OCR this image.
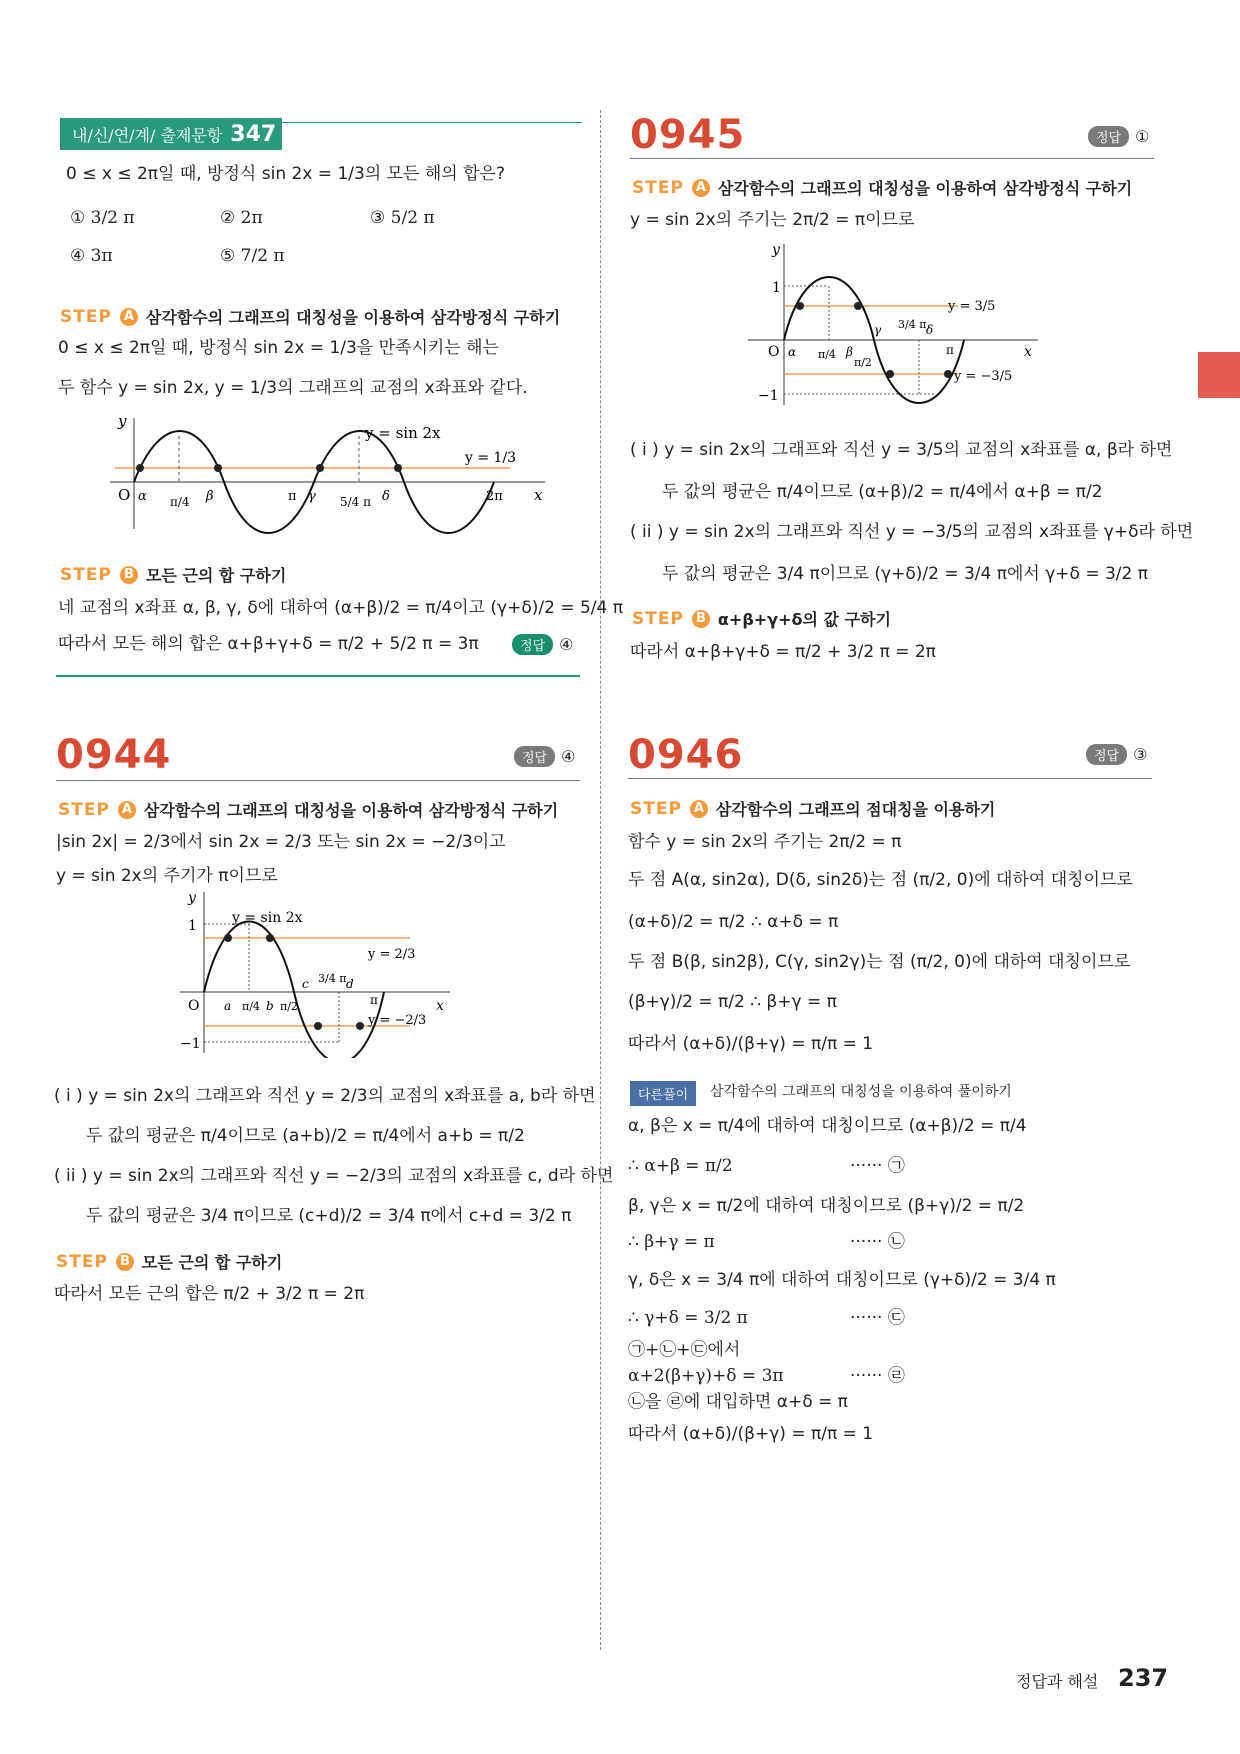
내/신/연/계/ 출제문항 347
0 ≤ x ≤ 2π일 때, 방정식 sin 2x = 1/3의 모든 해의 합은?
① 3/2 π	② 2π	③ 5/2 π
④ 3π	⑤ 7/2 π
STEP A 삼각함수의 그래프의 대칭성을 이용하여 삼각방정식 구하기
0 ≤ x ≤ 2π일 때, 방정식 sin 2x = 1/3을 만족시키는 해는
두 함수 y = sin 2x, y = 1/3의 그래프의 교점의 x좌표와 같다.
y
x
O
y = sin 2x
y = 1/3
α π/4 β	π γ 5/4 π δ	2π
STEP B 모든 근의 합 구하기
네 교점의 x좌표 α, β, γ, δ에 대하여 (α+β)/2 = π/4이고 (γ+δ)/2 = 5/4 π
따라서 모든 해의 합은 α+β+γ+δ = π/2 + 5/2 π = 3π	정답 ④
0944	정답 ④
STEP A 삼각함수의 그래프의 대칭성을 이용하여 삼각방정식 구하기
|sin 2x| = 2/3에서 sin 2x = 2/3 또는 sin 2x = −2/3이고
y = sin 2x의 주기가 π이므로
y
x
O
1
−1
y = sin 2x
y = 2/3
y = −2/3
a π/4 b π/2
c 3/4 π d
π
( i ) y = sin 2x의 그래프와 직선 y = 2/3의 교점의 x좌표를 a, b라 하면
두 값의 평균은 π/4이므로 (a+b)/2 = π/4에서 a+b = π/2
( ii ) y = sin 2x의 그래프와 직선 y = −2/3의 교점의 x좌표를 c, d라 하면
두 값의 평균은 3/4 π이므로 (c+d)/2 = 3/4 π에서 c+d = 3/2 π
STEP B 모든 근의 합 구하기
따라서 모든 근의 합은 π/2 + 3/2 π = 2π
0945	정답 ①
STEP A 삼각함수의 그래프의 대칭성을 이용하여 삼각방정식 구하기
y = sin 2x의 주기는 2π/2 = π이므로
y
x
O
1
−1
y = 3/5
y = −3/5
α π/4 β
π/2
γ 3/4 π δ
π
( i ) y = sin 2x의 그래프와 직선 y = 3/5의 교점의 x좌표를 α, β라 하면
두 값의 평균은 π/4이므로 (α+β)/2 = π/4에서 α+β = π/2
( ii ) y = sin 2x의 그래프와 직선 y = −3/5의 교점의 x좌표를 γ+δ라 하면
두 값의 평균은 3/4 π이므로 (γ+δ)/2 = 3/4 π에서 γ+δ = 3/2 π
STEP B α+β+γ+δ의 값 구하기
따라서 α+β+γ+δ = π/2 + 3/2 π = 2π
0946	정답 ③
STEP A 삼각함수의 그래프의 점대칭을 이용하기
함수 y = sin 2x의 주기는 2π/2 = π
두 점 A(α, sin2α), D(δ, sin2δ)는 점 (π/2, 0)에 대하여 대칭이므로
(α+δ)/2 = π/2 ∴ α+δ = π
두 점 B(β, sin2β), C(γ, sin2γ)는 점 (π/2, 0)에 대하여 대칭이므로
(β+γ)/2 = π/2 ∴ β+γ = π
따라서 (α+δ)/(β+γ) = π/π = 1
다른풀이	삼각함수의 그래프의 대칭성을 이용하여 풀이하기
α, β은 x = π/4에 대하여 대칭이므로 (α+β)/2 = π/4
∴ α+β = π/2	······ ㉠
β, γ은 x = π/2에 대하여 대칭이므로 (β+γ)/2 = π/2
∴ β+γ = π	······ ㉡
γ, δ은 x = 3/4 π에 대하여 대칭이므로 (γ+δ)/2 = 3/4 π
∴ γ+δ = 3/2 π	······ ㉢
㉠+㉡+㉢에서
α+2(β+γ)+δ = 3π	······ ㉣
㉡을 ㉣에 대입하면 α+δ = π
따라서 (α+δ)/(β+γ) = π/π = 1
정답과 해설 237
